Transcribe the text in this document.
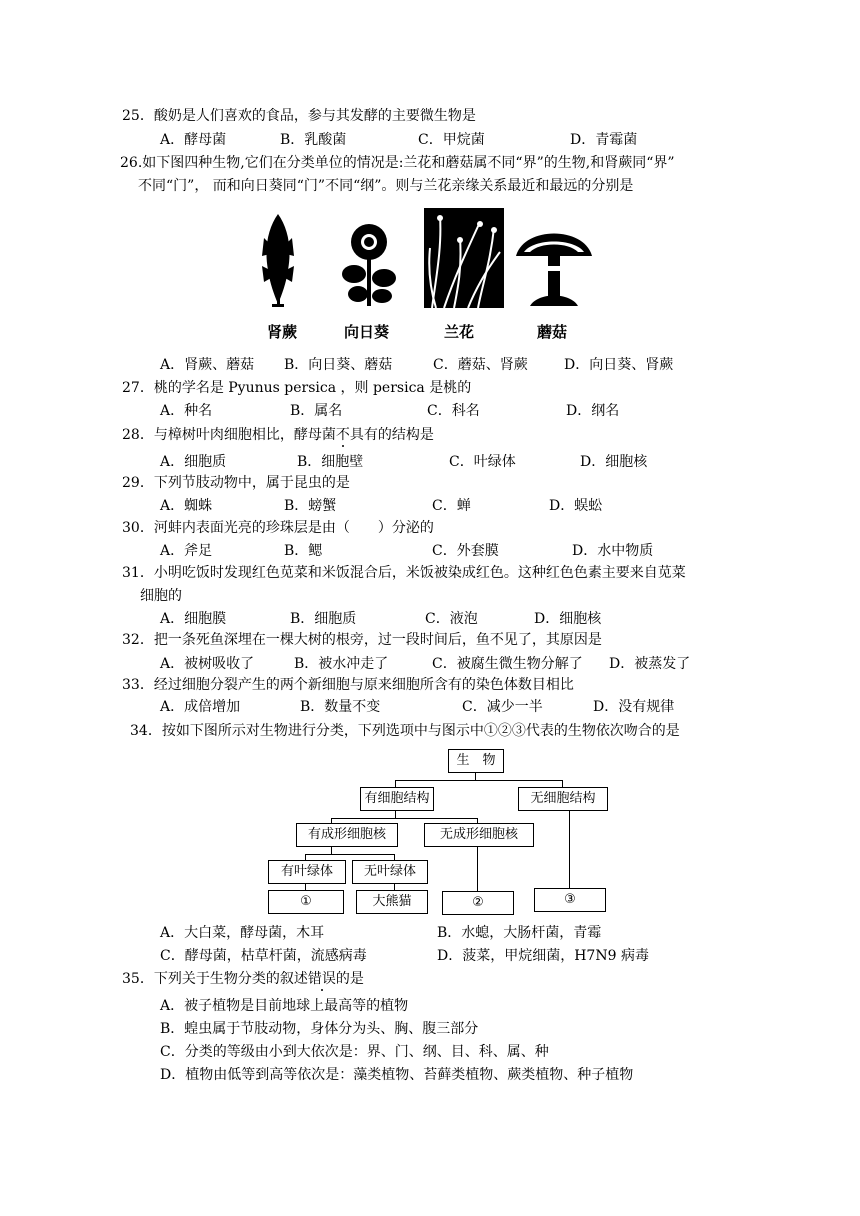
25．酸奶是人们喜欢的食品，参与其发酵的主要微生物是
A．酵母菌	B．乳酸菌	C．甲烷菌	D．青霉菌
26.如下图四种生物,它们在分类单位的情况是:兰花和蘑菇属不同“界”的生物,和肾蕨同“界”
不同“门”， 而和向日葵同“门”不同“纲”。则与兰花亲缘关系最近和最远的分别是
肾蕨	向日葵	兰花	蘑菇
A．肾蕨、蘑菇 B．向日葵、蘑菇	C．蘑菇、肾蕨	D．向日葵、肾蕨
27．桃的学名是 Pyunus persica ，则 persica 是桃的
A．种名	B．属名	C．科名	D．纲名
28．与樟树叶肉细胞相比，酵母菌不具有的结构是
A．细胞质	B．细胞壁	C．叶绿体	D．细胞核
29．下列节肢动物中，属于昆虫的是
A．蜘蛛	B．螃蟹	C．蝉	D．蜈蚣
30．河蚌内表面光亮的珍珠层是由（　　）分泌的
A．斧足	B．鳃	C．外套膜	D．水中物质
31．小明吃饭时发现红色苋菜和米饭混合后，米饭被染成红色。这种红色色素主要来自苋菜
细胞的
A．细胞膜	B．细胞质	C．液泡	D．细胞核
32．把一条死鱼深埋在一棵大树的根旁，过一段时间后，鱼不见了，其原因是
A．被树吸收了	B．被水冲走了	C．被腐生微生物分解了 D．被蒸发了
33．经过细胞分裂产生的两个新细胞与原来细胞所含有的染色体数目相比
A．成倍增加	B．数量不变	C．减少一半	D．没有规律
34．按如下图所示对生物进行分类，下列选项中与图示中①②③代表的生物依次吻合的是
生　物
有细胞结构	无细胞结构
有成形细胞核	无成形细胞核
有叶绿体	无叶绿体
①	大熊猫	②	③
A．大白菜，酵母菌，木耳	B．水螅，大肠杆菌，青霉
C．酵母菌，枯草杆菌，流感病毒	D．菠菜，甲烷细菌，H7N9 病毒
35．下列关于生物分类的叙述错误的是
A．被子植物是目前地球上最高等的植物
B．蝗虫属于节肢动物，身体分为头、胸、腹三部分
C．分类的等级由小到大依次是：界、门、纲、目、科、属、种
D．植物由低等到高等依次是：藻类植物、苔藓类植物、蕨类植物、种子植物
